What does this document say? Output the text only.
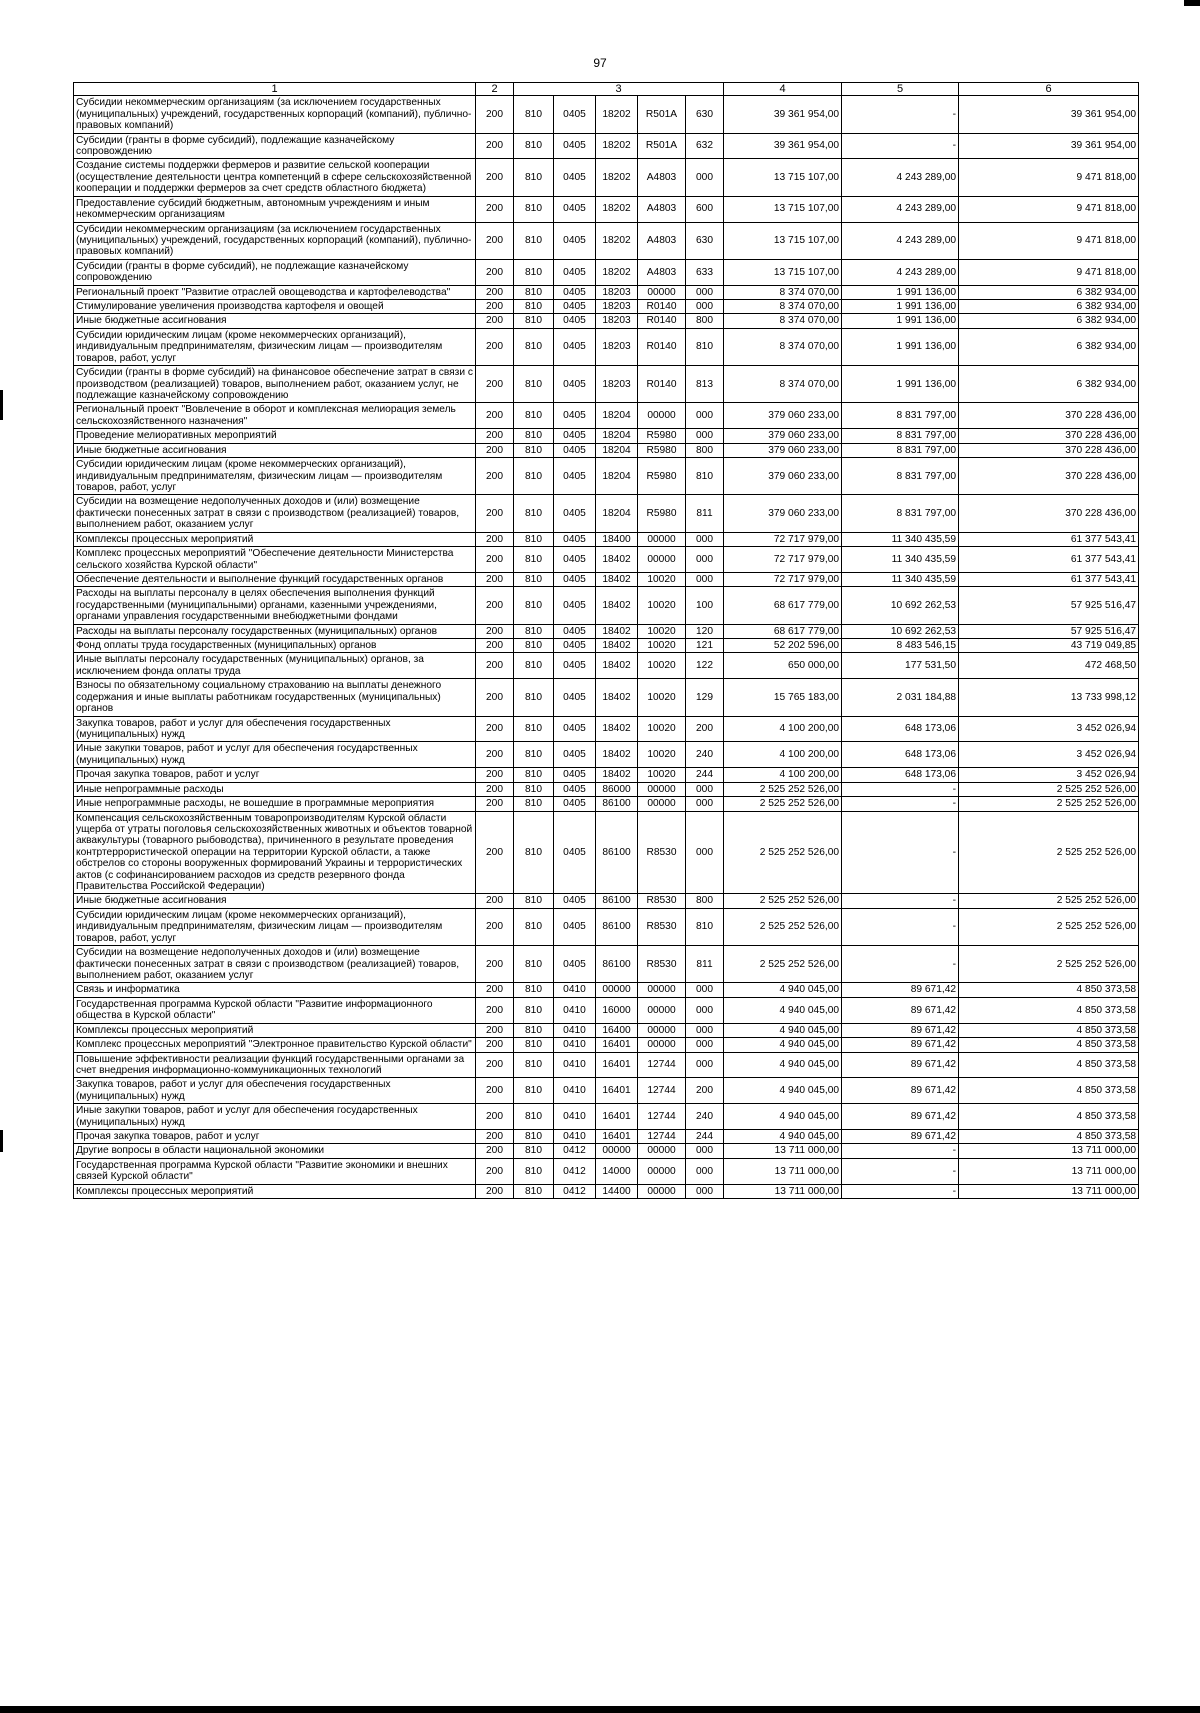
97
1	2	3					4	5	6
Субсидии некоммерческим организациям (за исключением государственных (муниципальных) учреждений, государственных корпораций (компаний), публично-правовых компаний)	200	810	0405	18202	R501A	630	39 361 954,00	-	39 361 954,00
Субсидии (гранты в форме субсидий), подлежащие казначейскому сопровождению	200	810	0405	18202	R501A	632	39 361 954,00	-	39 361 954,00
Создание системы поддержки фермеров и развитие сельской кооперации (осуществление деятельности центра компетенций в сфере сельскохозяйственной кооперации и поддержки фермеров за счет средств областного бюджета)	200	810	0405	18202	A4803	000	13 715 107,00	4 243 289,00	9 471 818,00
Предоставление субсидий бюджетным, автономным учреждениям и иным некоммерческим организациям	200	810	0405	18202	A4803	600	13 715 107,00	4 243 289,00	9 471 818,00
Субсидии некоммерческим организациям (за исключением государственных (муниципальных) учреждений, государственных корпораций (компаний), публично-правовых компаний)	200	810	0405	18202	A4803	630	13 715 107,00	4 243 289,00	9 471 818,00
Субсидии (гранты в форме субсидий), не подлежащие казначейскому сопровождению	200	810	0405	18202	A4803	633	13 715 107,00	4 243 289,00	9 471 818,00
Региональный проект "Развитие отраслей овощеводства и картофелеводства"	200	810	0405	18203	00000	000	8 374 070,00	1 991 136,00	6 382 934,00
Стимулирование увеличения производства картофеля и овощей	200	810	0405	18203	R0140	000	8 374 070,00	1 991 136,00	6 382 934,00
Иные бюджетные ассигнования	200	810	0405	18203	R0140	800	8 374 070,00	1 991 136,00	6 382 934,00
Субсидии юридическим лицам (кроме некоммерческих организаций), индивидуальным предпринимателям, физическим лицам — производителям товаров, работ, услуг	200	810	0405	18203	R0140	810	8 374 070,00	1 991 136,00	6 382 934,00
Субсидии (гранты в форме субсидий) на финансовое обеспечение затрат в связи с производством (реализацией) товаров, выполнением работ, оказанием услуг, не подлежащие казначейскому сопровождению	200	810	0405	18203	R0140	813	8 374 070,00	1 991 136,00	6 382 934,00
Региональный проект "Вовлечение в оборот и комплексная мелиорация земель сельскохозяйственного назначения"	200	810	0405	18204	00000	000	379 060 233,00	8 831 797,00	370 228 436,00
Проведение мелиоративных мероприятий	200	810	0405	18204	R5980	000	379 060 233,00	8 831 797,00	370 228 436,00
Иные бюджетные ассигнования	200	810	0405	18204	R5980	800	379 060 233,00	8 831 797,00	370 228 436,00
Субсидии юридическим лицам (кроме некоммерческих организаций), индивидуальным предпринимателям, физическим лицам — производителям товаров, работ, услуг	200	810	0405	18204	R5980	810	379 060 233,00	8 831 797,00	370 228 436,00
Субсидии на возмещение недополученных доходов и (или) возмещение фактически понесенных затрат в связи с производством (реализацией) товаров, выполнением работ, оказанием услуг	200	810	0405	18204	R5980	811	379 060 233,00	8 831 797,00	370 228 436,00
Комплексы процессных мероприятий	200	810	0405	18400	00000	000	72 717 979,00	11 340 435,59	61 377 543,41
Комплекс процессных мероприятий "Обеспечение деятельности Министерства сельского хозяйства Курской области"	200	810	0405	18402	00000	000	72 717 979,00	11 340 435,59	61 377 543,41
Обеспечение деятельности и выполнение функций государственных органов	200	810	0405	18402	10020	000	72 717 979,00	11 340 435,59	61 377 543,41
Расходы на выплаты персоналу в целях обеспечения выполнения функций государственными (муниципальными) органами, казенными учреждениями, органами управления государственными внебюджетными фондами	200	810	0405	18402	10020	100	68 617 779,00	10 692 262,53	57 925 516,47
Расходы на выплаты персоналу государственных (муниципальных) органов	200	810	0405	18402	10020	120	68 617 779,00	10 692 262,53	57 925 516,47
Фонд оплаты труда государственных (муниципальных) органов	200	810	0405	18402	10020	121	52 202 596,00	8 483 546,15	43 719 049,85
Иные выплаты персоналу государственных (муниципальных) органов, за исключением фонда оплаты труда	200	810	0405	18402	10020	122	650 000,00	177 531,50	472 468,50
Взносы по обязательному социальному страхованию на выплаты денежного содержания и иные выплаты работникам государственных (муниципальных) органов	200	810	0405	18402	10020	129	15 765 183,00	2 031 184,88	13 733 998,12
Закупка товаров, работ и услуг для обеспечения государственных (муниципальных) нужд	200	810	0405	18402	10020	200	4 100 200,00	648 173,06	3 452 026,94
Иные закупки товаров, работ и услуг для обеспечения государственных (муниципальных) нужд	200	810	0405	18402	10020	240	4 100 200,00	648 173,06	3 452 026,94
Прочая закупка товаров, работ и услуг	200	810	0405	18402	10020	244	4 100 200,00	648 173,06	3 452 026,94
Иные непрограммные расходы	200	810	0405	86000	00000	000	2 525 252 526,00	-	2 525 252 526,00
Иные непрограммные расходы, не вошедшие в программные мероприятия	200	810	0405	86100	00000	000	2 525 252 526,00	-	2 525 252 526,00
Компенсация сельскохозяйственным товаропроизводителям Курской области ущерба от утраты поголовья сельскохозяйственных животных и объектов товарной аквакультуры (товарного рыбоводства), причиненного в результате проведения контртеррористической операции на территории Курской области, а также обстрелов со стороны вооруженных формирований Украины и террористических актов (с софинансированием расходов из средств резервного фонда Правительства Российской Федерации)	200	810	0405	86100	R8530	000	2 525 252 526,00	-	2 525 252 526,00
Иные бюджетные ассигнования	200	810	0405	86100	R8530	800	2 525 252 526,00	-	2 525 252 526,00
Субсидии юридическим лицам (кроме некоммерческих организаций), индивидуальным предпринимателям, физическим лицам — производителям товаров, работ, услуг	200	810	0405	86100	R8530	810	2 525 252 526,00	-	2 525 252 526,00
Субсидии на возмещение недополученных доходов и (или) возмещение фактически понесенных затрат в связи с производством (реализацией) товаров, выполнением работ, оказанием услуг	200	810	0405	86100	R8530	811	2 525 252 526,00	-	2 525 252 526,00
Связь и информатика	200	810	0410	00000	00000	000	4 940 045,00	89 671,42	4 850 373,58
Государственная программа Курской области "Развитие информационного общества в Курской области"	200	810	0410	16000	00000	000	4 940 045,00	89 671,42	4 850 373,58
Комплексы процессных мероприятий	200	810	0410	16400	00000	000	4 940 045,00	89 671,42	4 850 373,58
Комплекс процессных мероприятий "Электронное правительство Курской области"	200	810	0410	16401	00000	000	4 940 045,00	89 671,42	4 850 373,58
Повышение эффективности реализации функций государственными органами за счет внедрения информационно-коммуникационных технологий	200	810	0410	16401	12744	000	4 940 045,00	89 671,42	4 850 373,58
Закупка товаров, работ и услуг для обеспечения государственных (муниципальных) нужд	200	810	0410	16401	12744	200	4 940 045,00	89 671,42	4 850 373,58
Иные закупки товаров, работ и услуг для обеспечения государственных (муниципальных) нужд	200	810	0410	16401	12744	240	4 940 045,00	89 671,42	4 850 373,58
Прочая закупка товаров, работ и услуг	200	810	0410	16401	12744	244	4 940 045,00	89 671,42	4 850 373,58
Другие вопросы в области национальной экономики	200	810	0412	00000	00000	000	13 711 000,00	-	13 711 000,00
Государственная программа Курской области "Развитие экономики и внешних связей Курской области"	200	810	0412	14000	00000	000	13 711 000,00	-	13 711 000,00
Комплексы процессных мероприятий	200	810	0412	14400	00000	000	13 711 000,00	-	13 711 000,00
